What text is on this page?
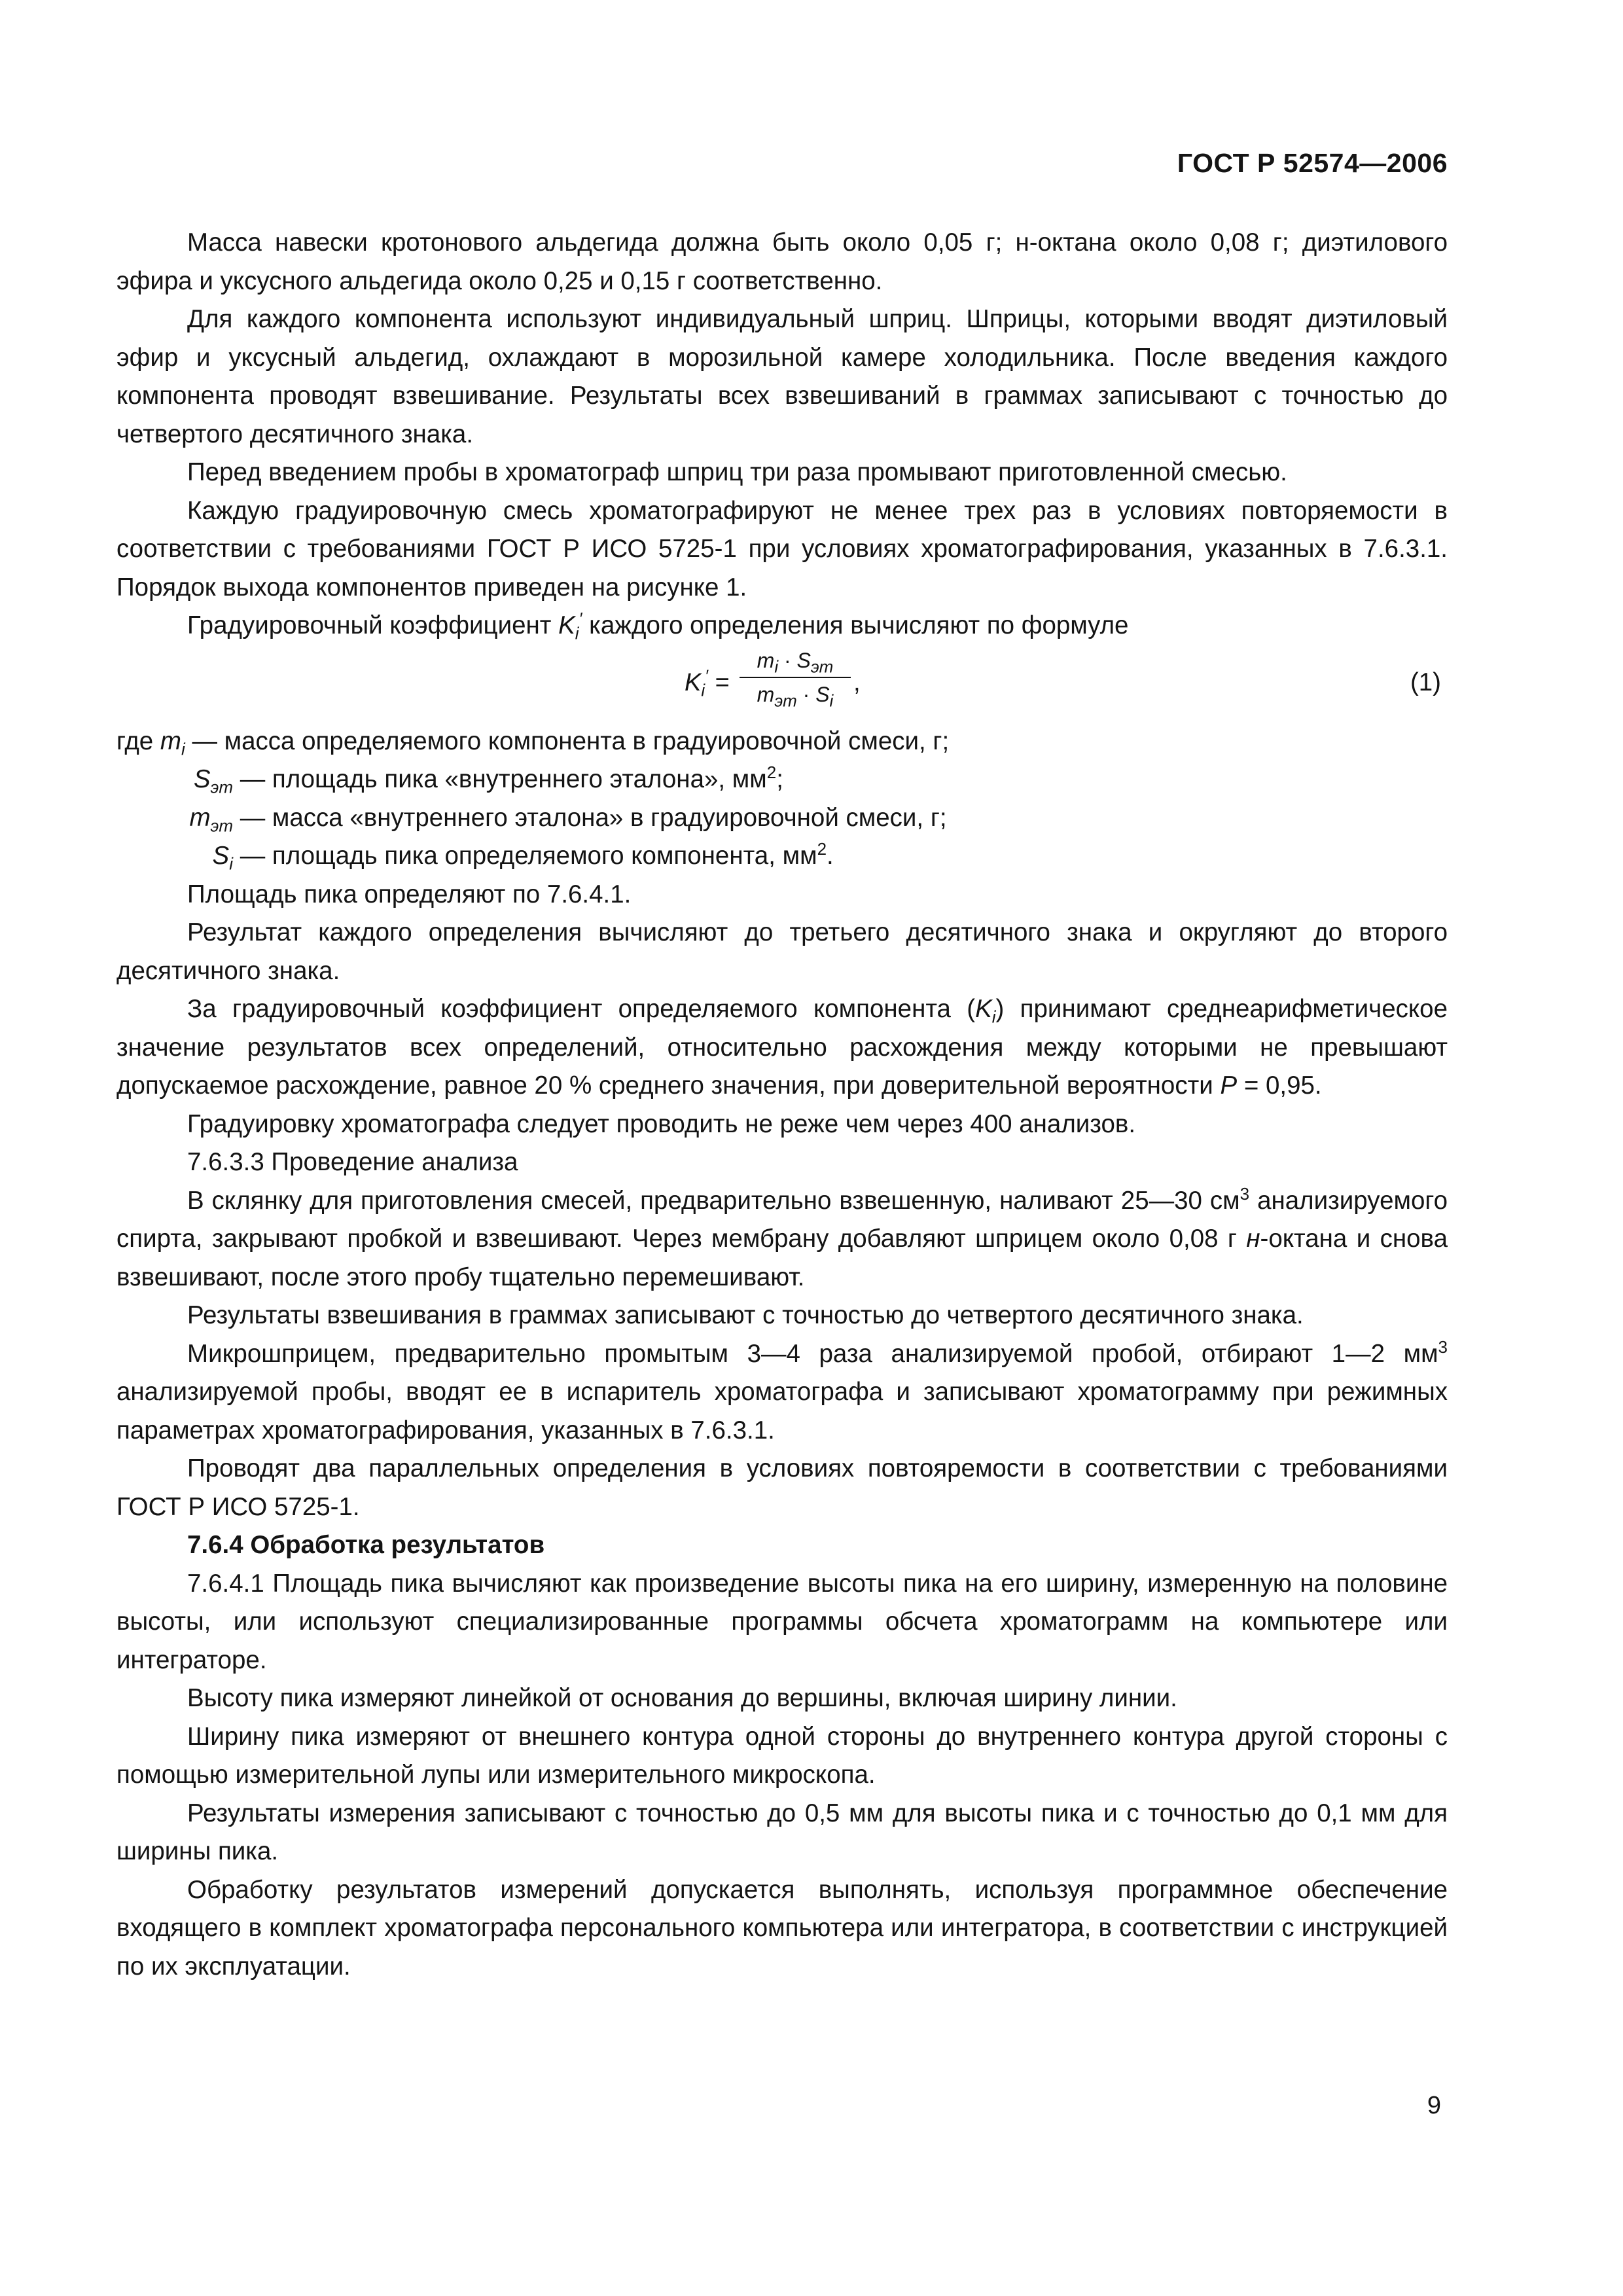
ГОСТ Р 52574—2006

Масса навески кротонового альдегида должна быть около 0,05 г; н-октана около 0,08 г; диэтилового эфира и уксусного альдегида около 0,25 и 0,15 г соответственно.

Для каждого компонента используют индивидуальный шприц. Шприцы, которыми вводят диэтиловый эфир и уксусный альдегид, охлаждают в морозильной камере холодильника. После введения каждого компонента проводят взвешивание. Результаты всех взвешиваний в граммах записывают с точностью до четвертого десятичного знака.

Перед введением пробы в хроматограф шприц три раза промывают приготовленной смесью.

Каждую градуировочную смесь хроматографируют не менее трех раз в условиях повторяемости в соответствии с требованиями ГОСТ Р ИСО 5725-1 при условиях хроматографирования, указанных в 7.6.3.1. Порядок выхода компонентов приведен на рисунке 1.

Градуировочный коэффициент $K_i'$ каждого определения вычисляют по формуле

$K_i'$ =
$m_i \cdot S_{эт}$
$m_{эт} \cdot S_i$
,	(1)

где $m_i$ — масса определяемого компонента в градуировочной смеси, г;

$S_{эт}$ — площадь пика «внутреннего эталона», $мм^2$;

$m_{эт}$ — масса «внутреннего эталона» в градуировочной смеси, г;

$S_i$ — площадь пика определяемого компонента, $мм^2$.

Площадь пика определяют по 7.6.4.1.

Результат каждого определения вычисляют до третьего десятичного знака и округляют до второго десятичного знака.

За градуировочный коэффициент определяемого компонента $(K_i)$ принимают среднеарифметическое значение результатов всех определений, относительно расхождения между которыми не превышают допускаемое расхождение, равное 20 % среднего значения, при доверительной вероятности P = 0,95.

Градуировку хроматографа следует проводить не реже чем через 400 анализов.

7.6.3.3 Проведение анализа

В склянку для приготовления смесей, предварительно взвешенную, наливают 25—30 $см^3$ анализируемого спирта, закрывают пробкой и взвешивают. Через мембрану добавляют шприцем около 0,08 г н-октана и снова взвешивают, после этого пробу тщательно перемешивают.

Результаты взвешивания в граммах записывают с точностью до четвертого десятичного знака.

Микрошприцем, предварительно промытым 3—4 раза анализируемой пробой, отбирают 1—2 $мм^3$ анализируемой пробы, вводят ее в испаритель хроматографа и записывают хроматограмму при режимных параметрах хроматографирования, указанных в 7.6.3.1.

Проводят два параллельных определения в условиях повтояремости в соответствии с требованиями ГОСТ Р ИСО 5725-1.

7.6.4 Обработка результатов

7.6.4.1 Площадь пика вычисляют как произведение высоты пика на его ширину, измеренную на половине высоты, или используют специализированные программы обсчета хроматограмм на компьютере или интеграторе.

Высоту пика измеряют линейкой от основания до вершины, включая ширину линии.

Ширину пика измеряют от внешнего контура одной стороны до внутреннего контура другой стороны с помощью измерительной лупы или измерительного микроскопа.

Результаты измерения записывают с точностью до 0,5 мм для высоты пика и с точностью до 0,1 мм для ширины пика.

Обработку результатов измерений допускается выполнять, используя программное обеспечение входящего в комплект хроматографа персонального компьютера или интегратора, в соответствии с инструкцией по их эксплуатации.

9
